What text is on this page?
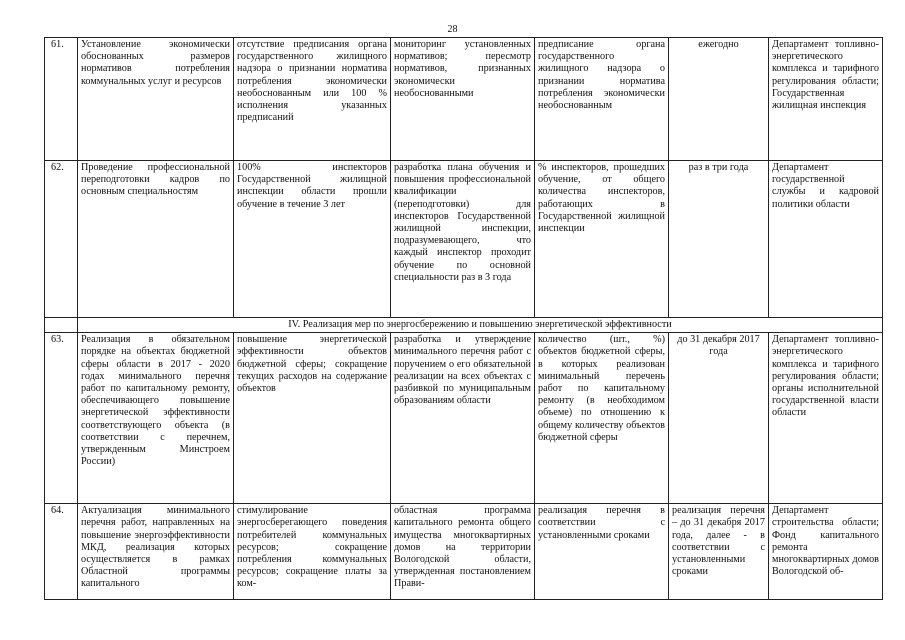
28
61.	Установление экономически обоснованных размеров нормативов потребления коммунальных услуг и ресурсов	отсутствие предписания органа государственного жилищного надзора о признании норматива потребления экономически необоснованным или 100 % исполнения указанных предписаний	мониторинг установленных нормативов; пересмотр нормативов, признанных экономически необоснованными	предписание органа государственного жилищного надзора о признании норматива потребления экономически необоснованным	ежегодно	Департамент топливно-энергетического комплекса и тарифного регулирования области; Государственная жилищная инспекция
62.	Проведение профессиональной переподготовки кадров по основным специальностям	100% инспекторов Государственной жилищной инспекции области прошли обучение в течение 3 лет	разработка плана обучения и повышения профессиональной квалификации (переподготовки) для инспекторов Государственной жилищной инспекции, подразумевающего, что каждый инспектор проходит обучение по основной специальности раз в 3 года	% инспекторов, прошедших обучение, от общего количества инспекторов, работающих в Государственной жилищной инспекции	раз в три года	Департамент государственной службы и кадровой политики области
	IV. Реализация мер по энергосбережению и повышению энергетической эффективности					
63.	Реализация в обязательном порядке на объектах бюджетной сферы области в 2017 - 2020 годах минимального перечня работ по капитальному ремонту, обеспечивающего повышение энергетической эффективности соответствующего объекта (в соответствии с перечнем, утвержденным Минстроем России)	повышение энергетической эффективности объектов бюджетной сферы; сокращение текущих расходов на содержание объектов	разработка и утверждение минимального перечня работ с поручением о его обязательной реализации на всех объектах с разбивкой по муниципальным образованиям области	количество (шт., %) объектов бюджетной сферы, в которых реализован минимальный перечень работ по капитальному ремонту (в необходимом объеме) по отношению к общему количеству объектов бюджетной сферы	до 31 декабря 2017 года	Департамент топливно-энергетического комплекса и тарифного регулирования области; органы исполнительной государственной власти области
64.	Актуализация минимального перечня работ, направленных на повышение энергоэффективности МКД, реализация которых осуществляется в рамках Областной программы капитального	стимулирование энергосберегающего поведения потребителей коммунальных ресурсов; сокращение потребления коммунальных ресурсов; сокращение платы за ком-	областная программа капитального ремонта общего имущества многоквартирных домов на территории Вологодской области, утвержденная постановлением Прави-	реализация перечня в соответствии с установленными сроками	реализация перечня – до 31 декабря 2017 года, далее - в соответствии с установленными сроками	Департамент строительства области; Фонд капитального ремонта многоквартирных домов Вологодской об-
